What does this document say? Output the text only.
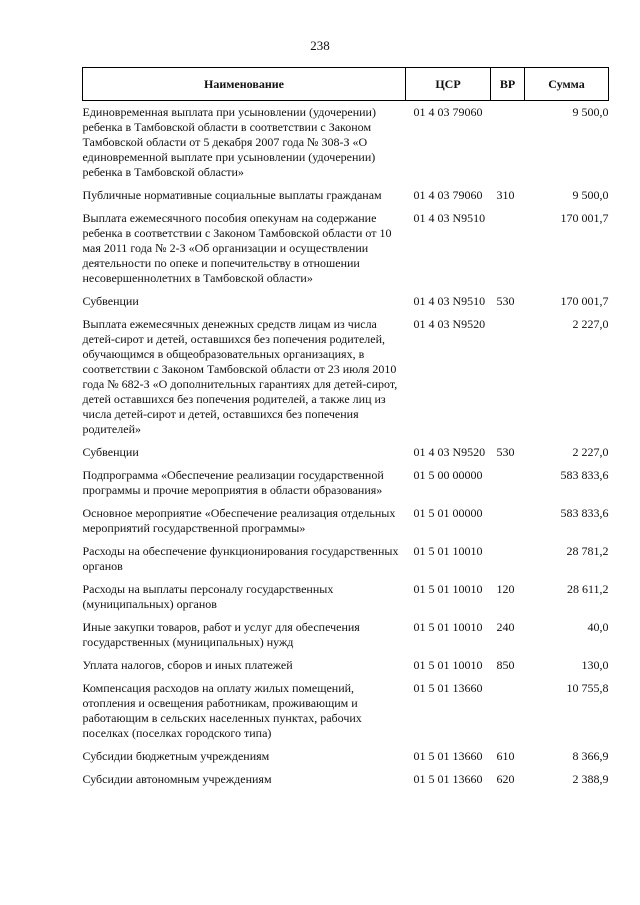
238
Наименование	ЦСР	ВР	Сумма
Единовременная выплата при усыновлении (удочерении) ребенка в Тамбовской области в соответствии с Законом Тамбовской области от 5 декабря 2007 года № 308-З «О единовременной выплате при усыновлении (удочерении) ребенка в Тамбовской области»	01 4 03 79060		9 500,0
Публичные нормативные социальные выплаты гражданам	01 4 03 79060	310	9 500,0
Выплата ежемесячного пособия опекунам на содержание ребенка в соответствии с Законом Тамбовской области от 10 мая 2011 года № 2-З «Об организации и осуществлении деятельности по опеке и попечительству в отношении несовершеннолетних в Тамбовской области»	01 4 03 N9510		170 001,7
Субвенции	01 4 03 N9510	530	170 001,7
Выплата ежемесячных денежных средств лицам из числа детей-сирот и детей, оставшихся без попечения родителей, обучающимся в общеобразовательных организациях, в соответствии с Законом Тамбовской области от 23 июля 2010 года № 682-З «О дополнительных гарантиях для детей-сирот, детей оставшихся без попечения родителей, а также лиц из числа детей-сирот и детей, оставшихся без попечения родителей»	01 4 03 N9520		2 227,0
Субвенции	01 4 03 N9520	530	2 227,0
Подпрограмма «Обеспечение реализации государственной программы и прочие мероприятия в области образования»	01 5 00 00000		583 833,6
Основное мероприятие «Обеспечение реализация отдельных мероприятий государственной программы»	01 5 01 00000		583 833,6
Расходы на обеспечение функционирования государственных органов	01 5 01 10010		28 781,2
Расходы на выплаты персоналу государственных (муниципальных) органов	01 5 01 10010	120	28 611,2
Иные закупки товаров, работ и услуг для обеспечения государственных (муниципальных) нужд	01 5 01 10010	240	40,0
Уплата налогов, сборов и иных платежей	01 5 01 10010	850	130,0
Компенсация расходов на оплату жилых помещений, отопления и освещения работникам, проживающим и работающим в сельских населенных пунктах, рабочих поселках (поселках городского типа)	01 5 01 13660		10 755,8
Субсидии бюджетным учреждениям	01 5 01 13660	610	8 366,9
Субсидии автономным учреждениям	01 5 01 13660	620	2 388,9
